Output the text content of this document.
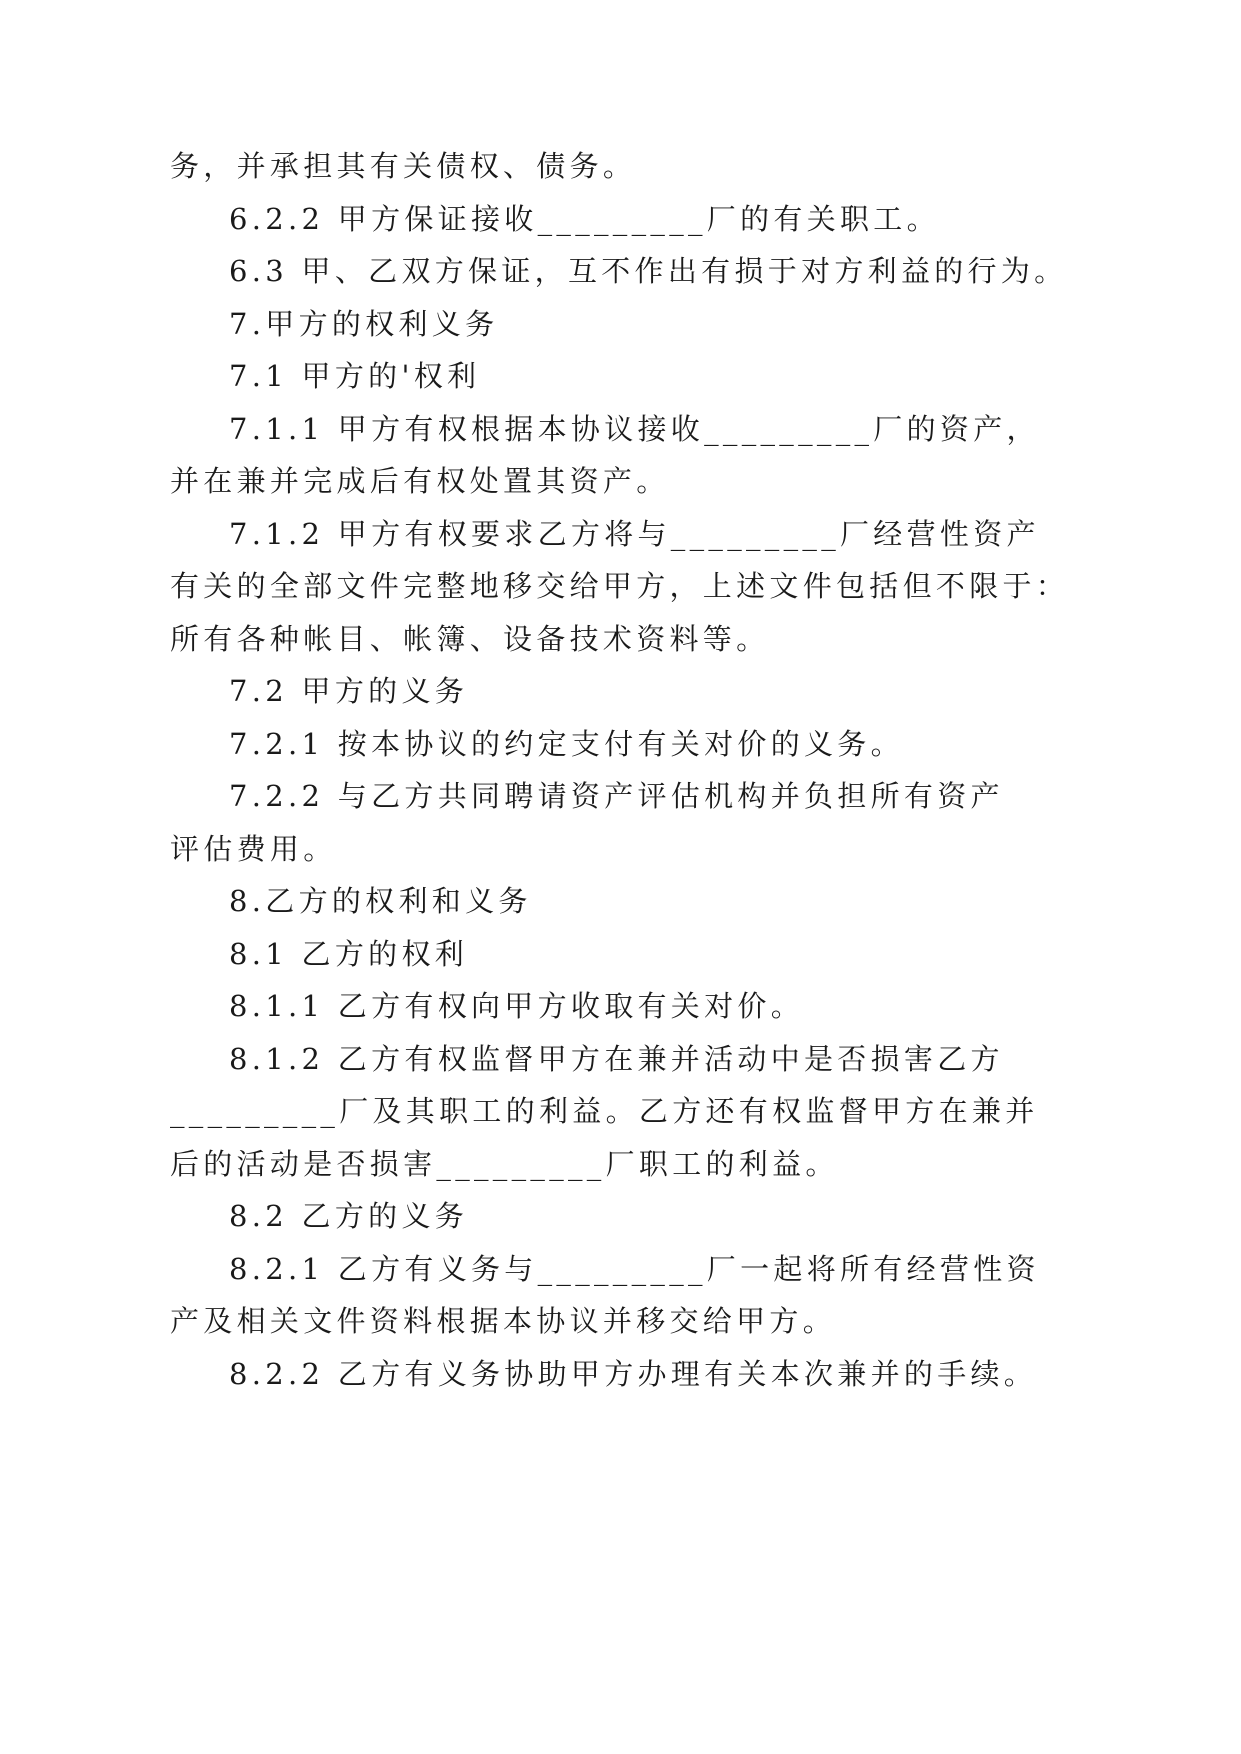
务，并承担其有关债权、债务。
6.2.2 甲方保证接收_________厂的有关职工。
6.3 甲、乙双方保证，互不作出有损于对方利益的行为。
7.甲方的权利义务
7.1 甲方的'权利
7.1.1 甲方有权根据本协议接收_________厂的资产，
并在兼并完成后有权处置其资产。
7.1.2 甲方有权要求乙方将与_________厂经营性资产
有关的全部文件完整地移交给甲方，上述文件包括但不限于：
所有各种帐目、帐簿、设备技术资料等。
7.2 甲方的义务
7.2.1 按本协议的约定支付有关对价的义务。
7.2.2 与乙方共同聘请资产评估机构并负担所有资产
评估费用。
8.乙方的权利和义务
8.1 乙方的权利
8.1.1 乙方有权向甲方收取有关对价。
8.1.2 乙方有权监督甲方在兼并活动中是否损害乙方
_________厂及其职工的利益。乙方还有权监督甲方在兼并
后的活动是否损害_________厂职工的利益。
8.2 乙方的义务
8.2.1 乙方有义务与_________厂一起将所有经营性资
产及相关文件资料根据本协议并移交给甲方。
8.2.2 乙方有义务协助甲方办理有关本次兼并的手续。
